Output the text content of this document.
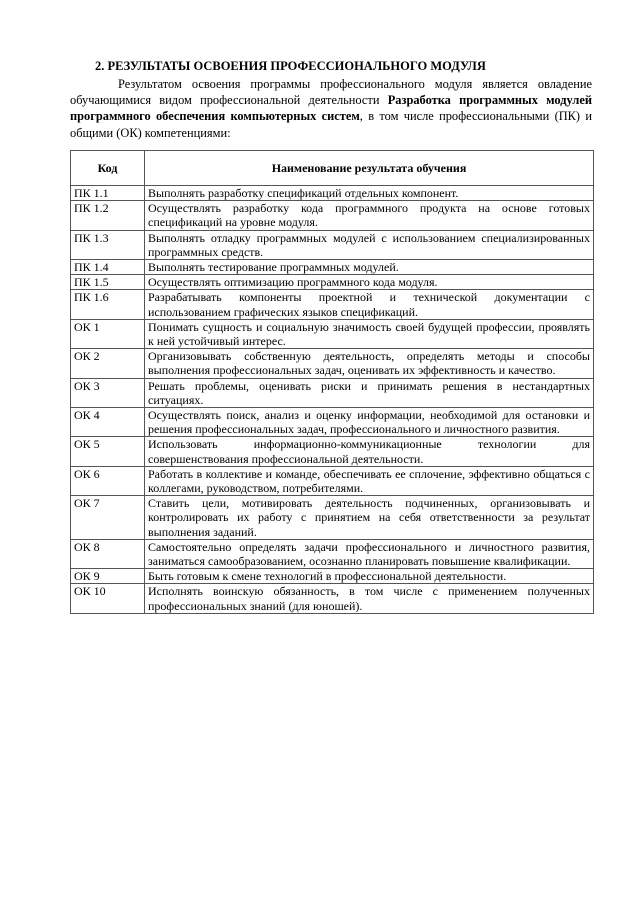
2. РЕЗУЛЬТАТЫ ОСВОЕНИЯ ПРОФЕССИОНАЛЬНОГО МОДУЛЯ
Результатом освоения программы профессионального модуля является овладение обучающимися видом профессиональной деятельности Разработка программных модулей программного обеспечения компьютерных систем, в том числе профессиональными (ПК) и общими (ОК) компетенциями:
Код	Наименование результата обучения
ПК 1.1	Выполнять разработку спецификаций отдельных компонент.
ПК 1.2	Осуществлять разработку кода программного продукта на основе готовых спецификаций на уровне модуля.
ПК 1.3	Выполнять отладку программных модулей с использованием специализированных программных средств.
ПК 1.4	Выполнять тестирование программных модулей.
ПК 1.5	Осуществлять оптимизацию программного кода модуля.
ПК 1.6	Разрабатывать компоненты проектной и технической документации с использованием графических языков спецификаций.
ОК 1	Понимать сущность и социальную значимость своей будущей профессии, проявлять к ней устойчивый интерес.
ОК 2	Организовывать собственную деятельность, определять методы и способы выполнения профессиональных задач, оценивать их эффективность и качество.
ОК 3	Решать проблемы, оценивать риски и принимать решения в нестандартных ситуациях.
ОК 4	Осуществлять поиск, анализ и оценку информации, необходимой для остановки и решения профессиональных задач, профессионального и личностного развития.
ОК 5	Использовать информационно-коммуникационные технологии для совершенствования профессиональной деятельности.
ОК 6	Работать в коллективе и команде, обеспечивать ее сплочение, эффективно общаться с коллегами, руководством, потребителями.
ОК 7	Ставить цели, мотивировать деятельность подчиненных, организовывать и контролировать их работу с принятием на себя ответственности за результат выполнения заданий.
ОК 8	Самостоятельно определять задачи профессионального и личностного развития, заниматься самообразованием, осознанно планировать повышение квалификации.
ОК 9	Быть готовым к смене технологий в профессиональной деятельности.
ОК 10	Исполнять воинскую обязанность, в том числе с применением полученных профессиональных знаний (для юношей).
